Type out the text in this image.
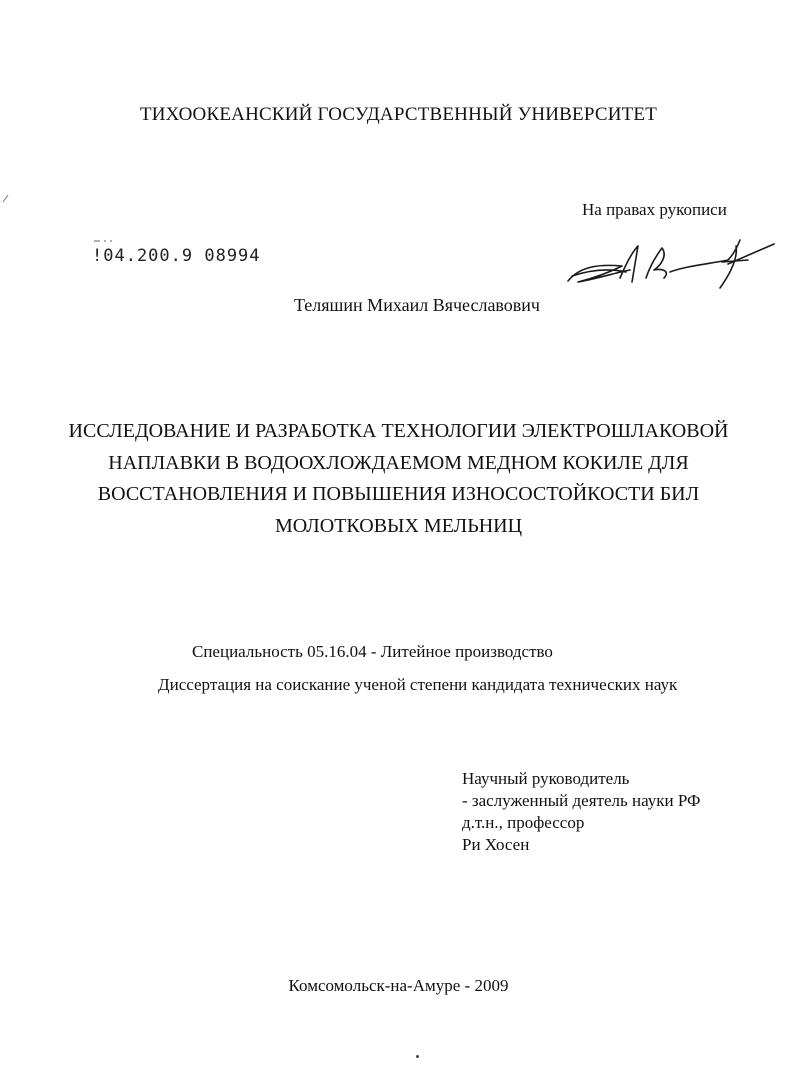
ТИХООКЕАНСКИЙ ГОСУДАРСТВЕННЫЙ УНИВЕРСИТЕТ

На правах рукописи

!04.200.9 08994

Теляшин Михаил Вячеславович

ИССЛЕДОВАНИЕ И РАЗРАБОТКА ТЕХНОЛОГИИ ЭЛЕКТРОШЛАКОВОЙ
НАПЛАВКИ В ВОДООХЛОЖДАЕМОМ МЕДНОМ КОКИЛЕ ДЛЯ
ВОССТАНОВЛЕНИЯ И ПОВЫШЕНИЯ ИЗНОСОСТОЙКОСТИ БИЛ
МОЛОТКОВЫХ МЕЛЬНИЦ

Специальность 05.16.04 - Литейное производство

Диссертация на соискание ученой степени кандидата технических наук

Научный руководитель
- заслуженный деятель науки РФ
д.т.н., профессор
Ри Хосен

Комсомольск-на-Амуре - 2009
